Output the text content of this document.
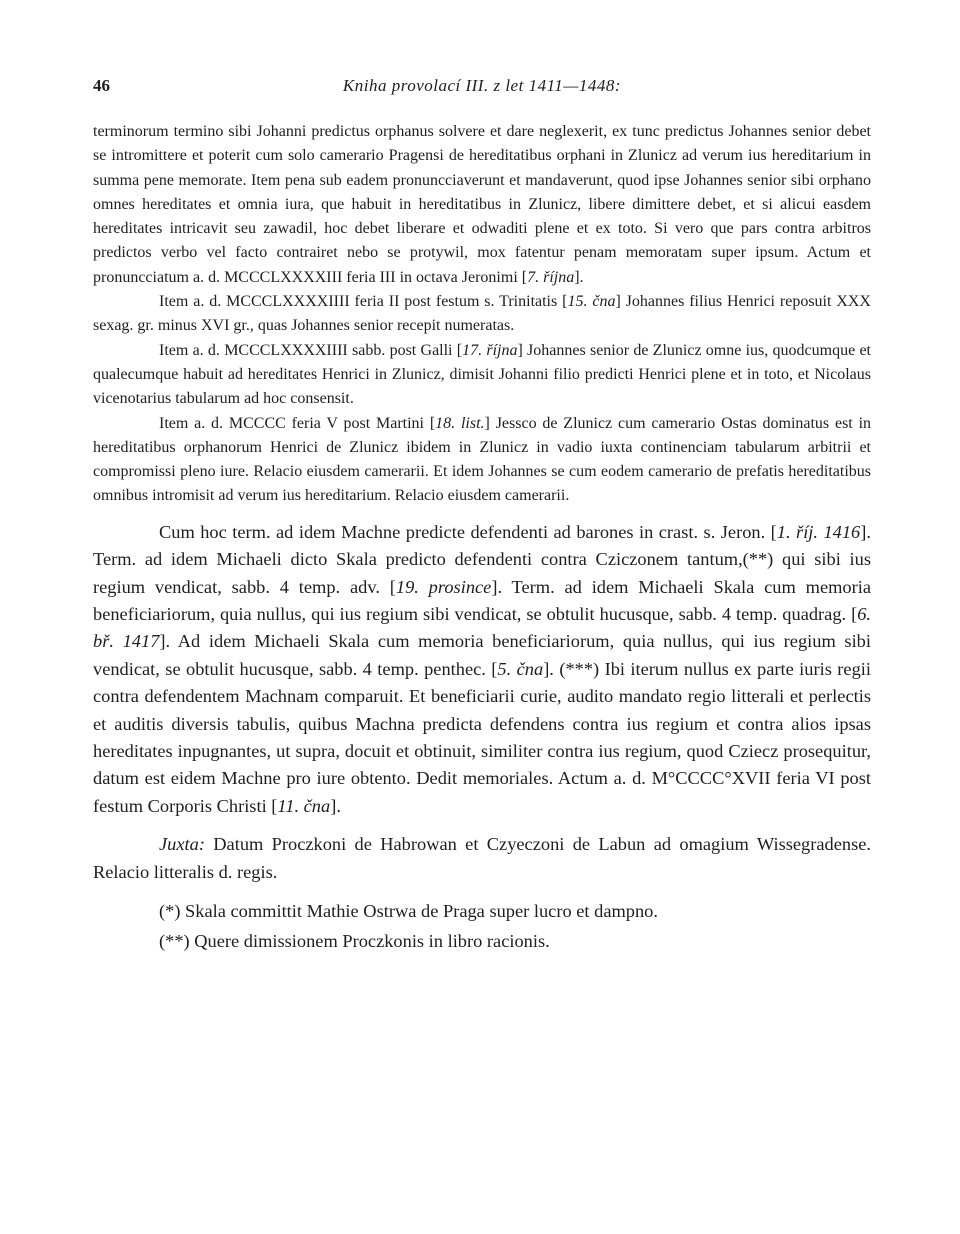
46	Kniha provolací III. z let 1411—1448:

terminorum termino sibi Johanni predictus orphanus solvere et dare neglexerit, ex tunc predictus Johannes senior debet se intromittere et poterit cum solo camerario Pragensi de hereditatibus orphani in Zlunicz ad verum ius hereditarium in summa pene memorate. Item pena sub eadem pronuncciaverunt et mandaverunt, quod ipse Johannes senior sibi orphano omnes hereditates et omnia iura, que habuit in hereditatibus in Zlunicz, libere dimittere debet, et si alicui easdem hereditates intricavit seu zawadil, hoc debet liberare et odwaditi plene et ex toto. Si vero que pars contra arbitros predictos verbo vel facto contrairet nebo se protywil, mox fatentur penam memoratam super ipsum. Actum et pronuncciatum a. d. MCCCLXXXXIII feria III in octava Jeronimi [7. října].

Item a. d. MCCCLXXXXIIII feria II post festum s. Trinitatis [15. čna] Johannes filius Henrici reposuit XXX sexag. gr. minus XVI gr., quas Johannes senior recepit numeratas.

Item a. d. MCCCLXXXXIIII sabb. post Galli [17. října] Johannes senior de Zlunicz omne ius, quodcumque et qualecumque habuit ad hereditates Henrici in Zlunicz, dimisit Johanni filio predicti Henrici plene et in toto, et Nicolaus vicenotarius tabularum ad hoc consensit.

Item a. d. MCCCC feria V post Martini [18. list.] Jessco de Zlunicz cum camerario Ostas dominatus est in hereditatibus orphanorum Henrici de Zlunicz ibidem in Zlunicz in vadio iuxta continenciam tabularum arbitrii et compromissi pleno iure. Relacio eiusdem camerarii. Et idem Johannes se cum eodem camerario de prefatis hereditatibus omnibus intromisit ad verum ius hereditarium. Relacio eiusdem camerarii.

Cum hoc term. ad idem Machne predicte defendenti ad barones in crast. s. Jeron. [1. říj. 1416]. Term. ad idem Michaeli dicto Skala predicto defendenti contra Cziczonem tantum,(**) qui sibi ius regium vendicat, sabb. 4 temp. adv. [19. prosince]. Term. ad idem Michaeli Skala cum memoria beneficiariorum, quia nullus, qui ius regium sibi vendicat, se obtulit hucusque, sabb. 4 temp. quadrag. [6. bř. 1417]. Ad idem Michaeli Skala cum memoria beneficiariorum, quia nullus, qui ius regium sibi vendicat, se obtulit hucusque, sabb. 4 temp. penthec. [5. čna]. (***) Ibi iterum nullus ex parte iuris regii contra defendentem Machnam comparuit. Et beneficiarii curie, audito mandato regio litterali et perlectis et auditis diversis tabulis, quibus Machna predicta defendens contra ius regium et contra alios ipsas hereditates inpugnantes, ut supra, docuit et obtinuit, similiter contra ius regium, quod Cziecz prosequitur, datum est eidem Machne pro iure obtento. Dedit memoriales. Actum a. d. M°CCCC°XVII feria VI post festum Corporis Christi [11. čna].

Juxta: Datum Proczkoni de Habrowan et Czyeczoni de Labun ad omagium Wissegradense. Relacio litteralis d. regis.

(*) Skala committit Mathie Ostrwa de Praga super lucro et dampno.

(**) Quere dimissionem Proczkonis in libro racionis.
